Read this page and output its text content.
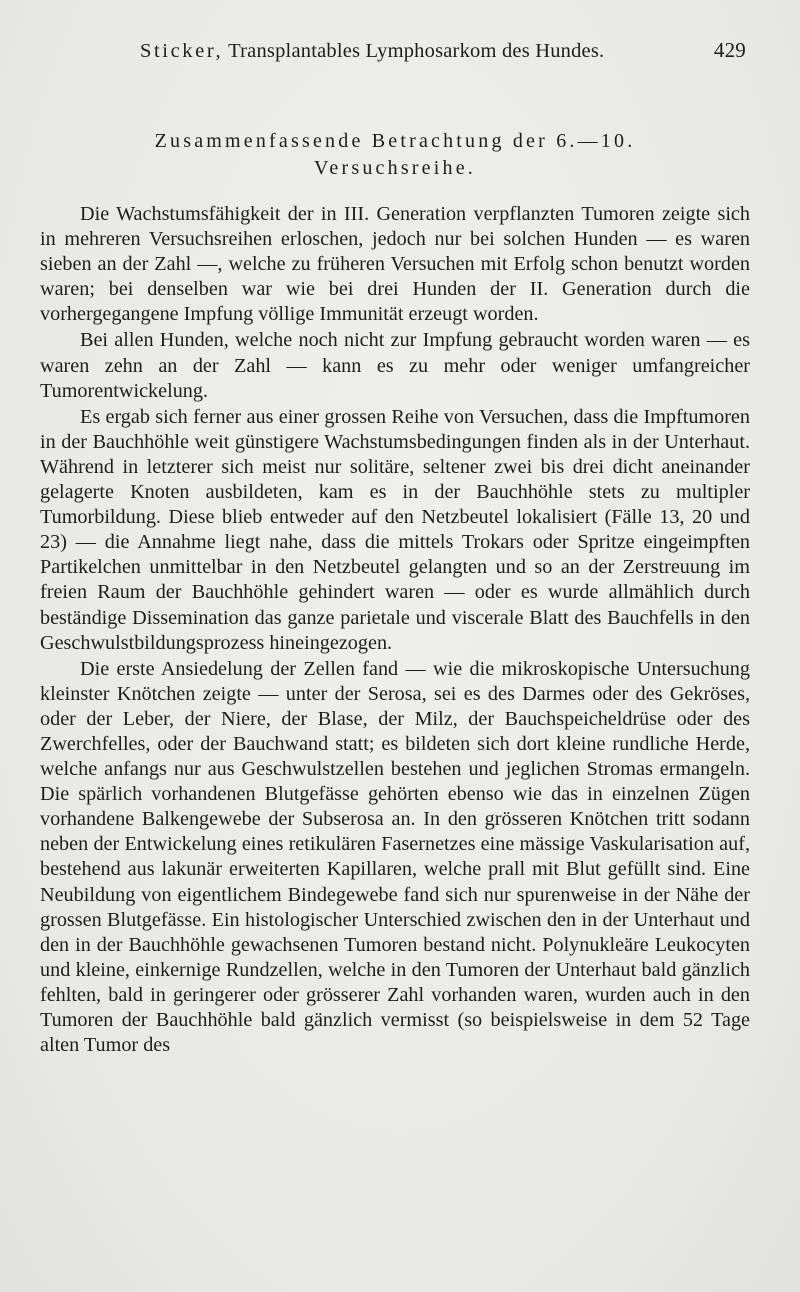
Sticker, Transplantables Lymphosarkom des Hundes.	429
Zusammenfassende Betrachtung der 6.—10. Versuchsreihe.

Die Wachstumsfähigkeit der in III. Generation verpflanzten Tumoren zeigte sich in mehreren Versuchsreihen erloschen, jedoch nur bei solchen Hunden — es waren sieben an der Zahl —, welche zu früheren Versuchen mit Erfolg schon benutzt worden waren; bei denselben war wie bei drei Hunden der II. Generation durch die vorhergegangene Impfung völlige Immunität erzeugt worden.

Bei allen Hunden, welche noch nicht zur Impfung gebraucht worden waren — es waren zehn an der Zahl — kann es zu mehr oder weniger umfangreicher Tumorentwickelung.

Es ergab sich ferner aus einer grossen Reihe von Versuchen, dass die Impftumoren in der Bauchhöhle weit günstigere Wachstumsbedingungen finden als in der Unterhaut. Während in letzterer sich meist nur solitäre, seltener zwei bis drei dicht aneinander gelagerte Knoten ausbildeten, kam es in der Bauchhöhle stets zu multipler Tumorbildung. Diese blieb entweder auf den Netzbeutel lokalisiert (Fälle 13, 20 und 23) — die Annahme liegt nahe, dass die mittels Trokars oder Spritze eingeimpften Partikelchen unmittelbar in den Netzbeutel gelangten und so an der Zerstreuung im freien Raum der Bauchhöhle gehindert waren — oder es wurde allmählich durch beständige Dissemination das ganze parietale und viscerale Blatt des Bauchfells in den Geschwulstbildungsprozess hineingezogen.

Die erste Ansiedelung der Zellen fand — wie die mikroskopische Untersuchung kleinster Knötchen zeigte — unter der Serosa, sei es des Darmes oder des Gekröses, oder der Leber, der Niere, der Blase, der Milz, der Bauchspeicheldrüse oder des Zwerchfelles, oder der Bauchwand statt; es bildeten sich dort kleine rundliche Herde, welche anfangs nur aus Geschwulstzellen bestehen und jeglichen Stromas ermangeln. Die spärlich vorhandenen Blutgefässe gehörten ebenso wie das in einzelnen Zügen vorhandene Balkengewebe der Subserosa an. In den grösseren Knötchen tritt sodann neben der Entwickelung eines retikulären Fasernetzes eine mässige Vaskularisation auf, bestehend aus lakunär erweiterten Kapillaren, welche prall mit Blut gefüllt sind. Eine Neubildung von eigentlichem Bindegewebe fand sich nur spurenweise in der Nähe der grossen Blutgefässe. Ein histologischer Unterschied zwischen den in der Unterhaut und den in der Bauchhöhle gewachsenen Tumoren bestand nicht. Polynukleäre Leukocyten und kleine, einkernige Rundzellen, welche in den Tumoren der Unterhaut bald gänzlich fehlten, bald in geringerer oder grösserer Zahl vorhanden waren, wurden auch in den Tumoren der Bauchhöhle bald gänzlich vermisst (so beispielsweise in dem 52 Tage alten Tumor des
